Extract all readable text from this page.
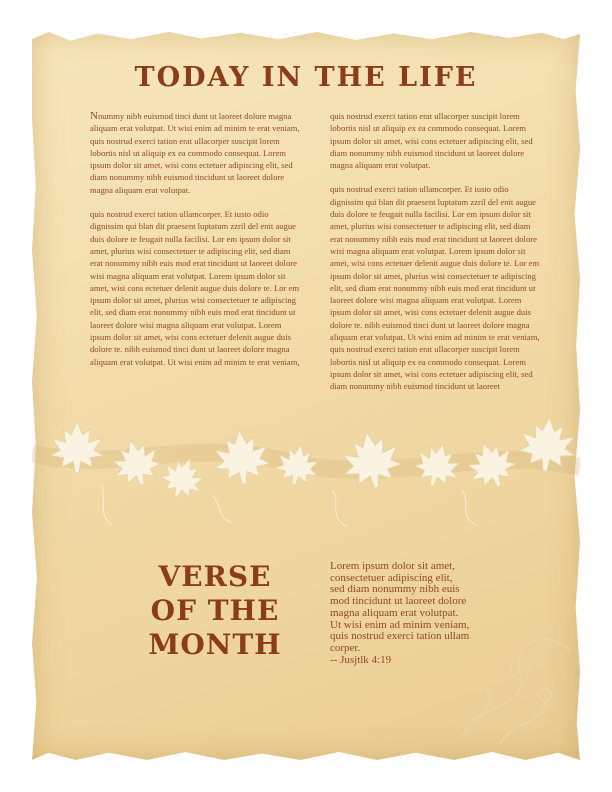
TODAY IN THE LIFE

Nnummy nibh euismod tinci dunt ut laoreet dolore magna aliquam erat volutpat. Ut wisi enim ad minim te erat veniam, quis nostrud exerci tation erat ullacorper suscipit lorem lobortis nisl ut aliquip ex ea commodo consequat. Lorem ipsum dolor sit amet, wisi cons ectetuer adipiscing elit, sed diam nonummy nibh euismod tincidunt ut laoreet dolore magna aliquam erat volutpat.

quis nostrud exerci tation ullamcorper. Et iusto odio dignissim qui blan dit praesent luptatum zzril del enit augue duis dolore te feugait nulla facilisi. Lor em ipsum dolor sit amet, plurius wisi consectetuer te adipiscing elit, sed diam erat nonummy nibh euis mod erat tincidunt ut laoreet dolore wisi magna aliquam erat volutpat. Lorem ipsum dolor sit amet, wisi cons ectetuer delenit augue duis dolore te. Lor em ipsum dolor sit amet, plurius wisi consectetuer te adipiscing elit, sed diam erat nonummy nibh euis mod erat tincidunt ut laoreet dolore wisi magna aliquam erat volutpat. Lorem ipsum dolor sit amet, wisi cons ectetuer delenit augue duis dolore te. nibh euismod tinci dunt ut laoreet dolore magna aliquam erat volutpat. Ut wisi enim ad minim te erat veniam,

quis nostrud exerci tation erat ullacorper suscipit lorem lobortis nisl ut aliquip ex ea commodo consequat. Lorem ipsum dolor sit amet, wisi cons ectetuer adipiscing elit, sed diam nonummy nibh euismod tincidunt ut laoreet dolore magna aliquam erat volutpat.

quis nostrud exerci tation ullamcorper. Et iusto odio dignissim qui blan dit praesent luptatum zzril del enit augue duis dolore te feugait nulla facilisi. Lor em ipsum dolor sit amet, plurius wisi consectetuer te adipiscing elit, sed diam erat nonummy nibh euis mod erat tincidunt ut laoreet dolore wisi magna aliquam erat volutpat. Lorem ipsum dolor sit amet, wisi cons ectetuer delenit augue duis dolore te. Lor em ipsum dolor sit amet, plurius wisi consectetuer te adipiscing elit, sed diam erat nonummy nibh euis mod erat tincidunt ut laoreet dolore wisi magna aliquam erat volutpat. Lorem ipsum dolor sit amet, wisi cons ectetuer delenit augue duis dolore te. nibh euismod tinci dunt ut laoreet dolore magna aliquam erat volutpat. Ut wisi enim ad minim te erat veniam, quis nostrud exerci tation erat ullacorper suscipit lorem lobortis nisl ut aliquip ex ea commodo consequat. Lorem ipsum dolor sit amet, wisi cons ectetuer adipiscing elit, sed diam nonummy nibh euismod tincidunt ut laoreet

VERSE
OF THE
MONTH
Lorem ipsum dolor sit amet,
consectetuer adipiscing elit,
sed diam nonummy nibh euis
mod tincidunt ut laoreet dolore
magna aliquam erat volutpat.
Ut wisi enim ad minim veniam,
quis nostrud exerci tation ullam
corper.
-- Jusjtlk 4:19
